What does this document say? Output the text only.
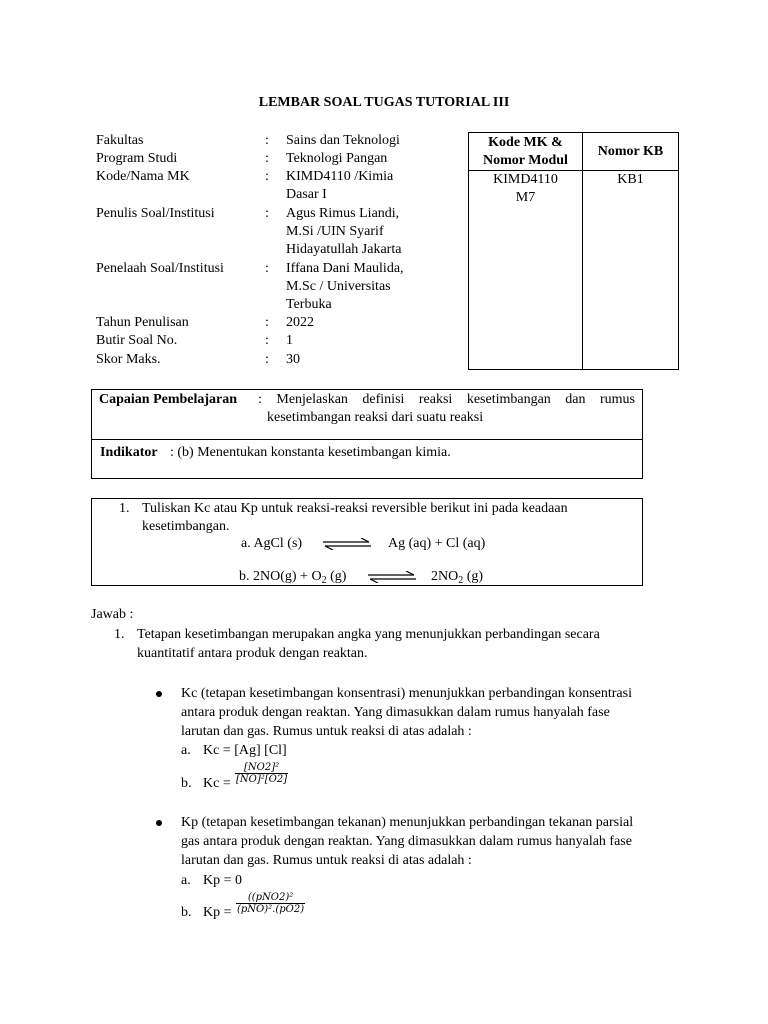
LEMBAR SOAL TUGAS TUTORIAL III
Fakultas	:	Sains dan Teknologi
Program Studi	:	Teknologi Pangan
Kode/Nama MK	:	KIMD4110 /Kimia Dasar I
Penulis Soal/Institusi	:	Agus Rimus Liandi, M.Si /UIN Syarif Hidayatullah Jakarta
Penelaah Soal/Institusi	:	Iffana Dani Maulida, M.Sc / Universitas Terbuka
Tahun Penulisan	:	2022
Butir Soal No.	:	1
Skor Maks.	:	30
Kode MK &
Nomor Modul	Nomor KB
KIMD4110
M7	KB1
Capaian Pembelajaran : Menjelaskan definisi reaksi kesetimbangan dan rumus
kesetimbangan reaksi dari suatu reaksi
Indikator : (b) Menentukan konstanta kesetimbangan kimia.
1. Tuliskan Kc atau Kp untuk reaksi-reaksi reversible berikut ini pada keadaan
kesetimbangan.
a. AgCl (s) ⇌ Ag (aq) + Cl (aq)
b. $2NO(g) + O_2$ (g) ⇌ $2NO_2$ (g)
Jawab :
1. Tetapan kesetimbangan merupakan angka yang menunjukkan perbandingan secara
kuantitatif antara produk dengan reaktan.
Kc (tetapan kesetimbangan konsentrasi) menunjukkan perbandingan konsentrasi
antara produk dengan reaktan. Yang dimasukkan dalam rumus hanyalah fase
larutan dan gas. Rumus untuk reaksi di atas adalah :
a. Kc = [Ag] [Cl]
b. $Kc = \frac{\text{[NO2]²}}{\text{[NO]²[O2]}}$
Kp (tetapan kesetimbangan tekanan) menunjukkan perbandingan tekanan parsial
gas antara produk dengan reaktan. Yang dimasukkan dalam rumus hanyalah fase
larutan dan gas. Rumus untuk reaksi di atas adalah :
a. Kp = 0
b. Kp =
((pNO2)²
(pNO)².(pO2)
